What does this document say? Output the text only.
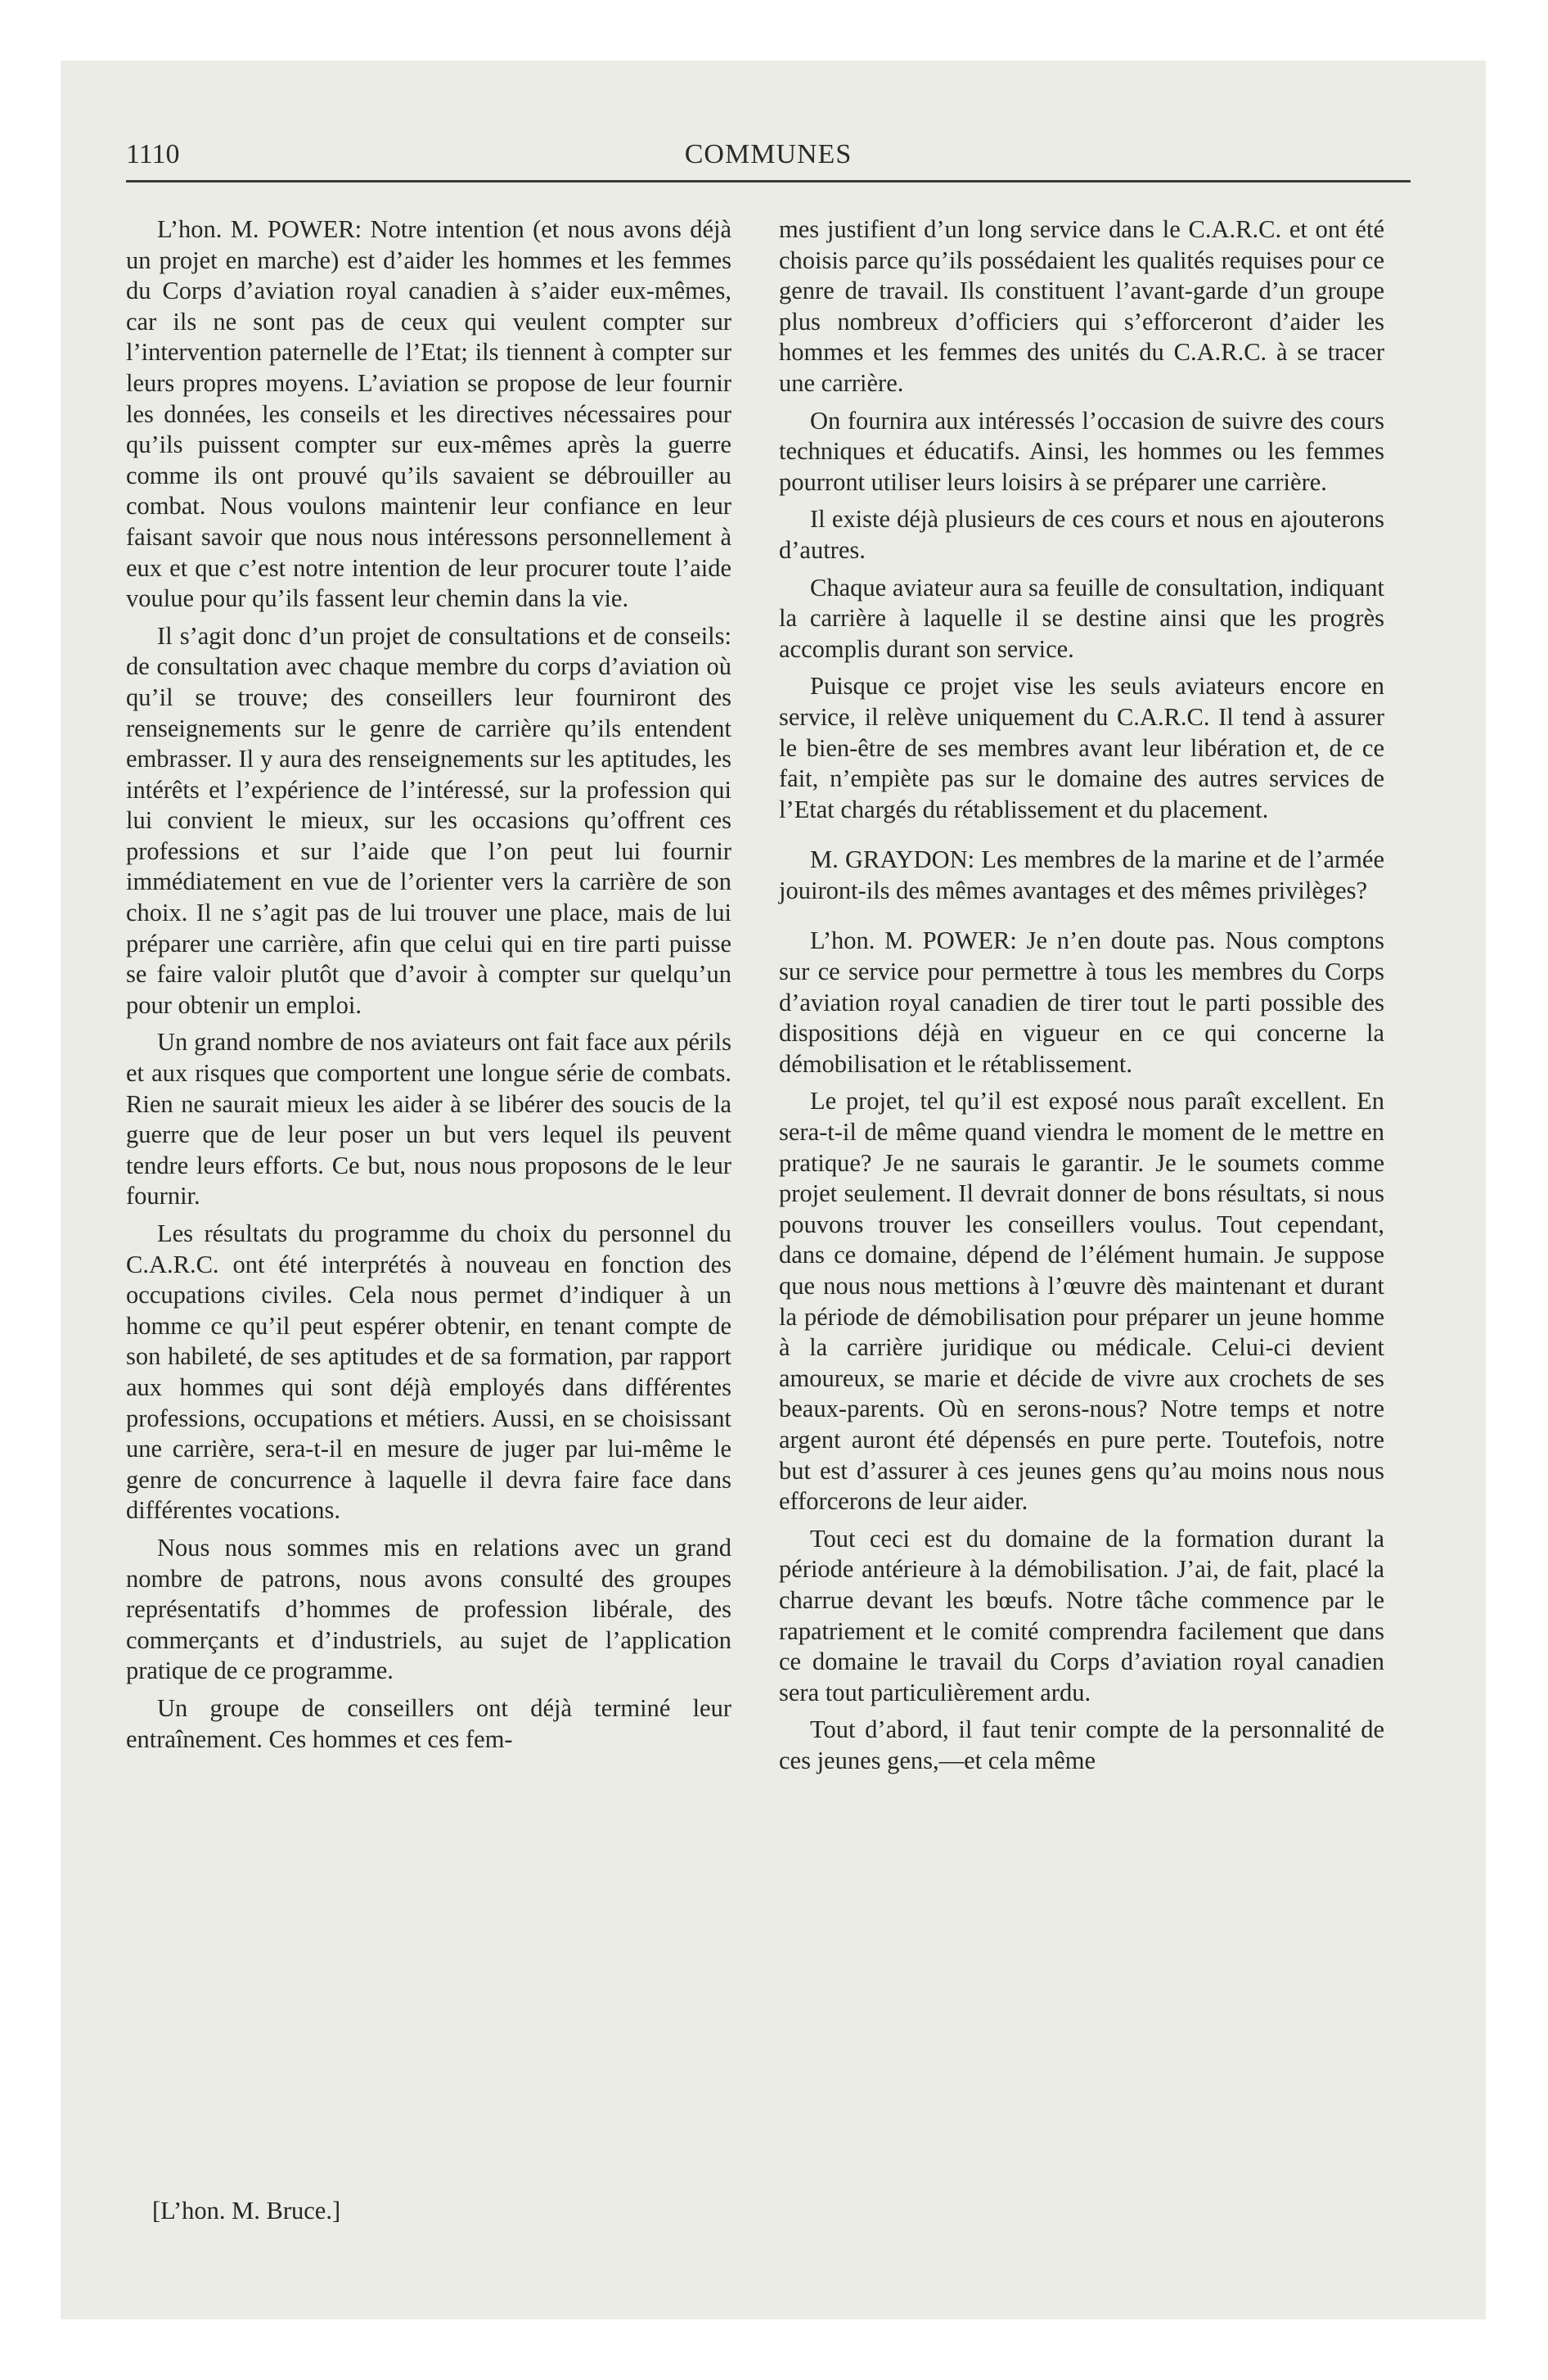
1110	COMMUNES

L’hon. M. POWER: Notre intention (et nous avons déjà un projet en marche) est d’aider les hommes et les femmes du Corps d’aviation royal canadien à s’aider eux-mêmes, car ils ne sont pas de ceux qui veulent compter sur l’intervention paternelle de l’Etat; ils tiennent à compter sur leurs propres moyens. L’aviation se propose de leur fournir les données, les conseils et les directives nécessaires pour qu’ils puissent compter sur eux-mêmes après la guerre comme ils ont prouvé qu’ils savaient se débrouiller au combat. Nous voulons maintenir leur confiance en leur faisant savoir que nous nous intéressons personnellement à eux et que c’est notre intention de leur procurer toute l’aide voulue pour qu’ils fassent leur chemin dans la vie.

Il s’agit donc d’un projet de consultations et de conseils: de consultation avec chaque membre du corps d’aviation où qu’il se trouve; des conseillers leur fourniront des renseignements sur le genre de carrière qu’ils entendent embrasser. Il y aura des renseignements sur les aptitudes, les intérêts et l’expérience de l’intéressé, sur la profession qui lui convient le mieux, sur les occasions qu’offrent ces professions et sur l’aide que l’on peut lui fournir immédiatement en vue de l’orienter vers la carrière de son choix. Il ne s’agit pas de lui trouver une place, mais de lui préparer une carrière, afin que celui qui en tire parti puisse se faire valoir plutôt que d’avoir à compter sur quelqu’un pour obtenir un emploi.

Un grand nombre de nos aviateurs ont fait face aux périls et aux risques que comportent une longue série de combats. Rien ne saurait mieux les aider à se libérer des soucis de la guerre que de leur poser un but vers lequel ils peuvent tendre leurs efforts. Ce but, nous nous proposons de le leur fournir.

Les résultats du programme du choix du personnel du C.A.R.C. ont été interprétés à nouveau en fonction des occupations civiles. Cela nous permet d’indiquer à un homme ce qu’il peut espérer obtenir, en tenant compte de son habileté, de ses aptitudes et de sa formation, par rapport aux hommes qui sont déjà employés dans différentes professions, occupations et métiers. Aussi, en se choisissant une carrière, sera-t-il en mesure de juger par lui-même le genre de concurrence à laquelle il devra faire face dans différentes vocations.

Nous nous sommes mis en relations avec un grand nombre de patrons, nous avons consulté des groupes représentatifs d’hommes de profession libérale, des commerçants et d’industriels, au sujet de l’application pratique de ce programme.

Un groupe de conseillers ont déjà terminé leur entraînement. Ces hommes et ces fem-

mes justifient d’un long service dans le C.A.R.C. et ont été choisis parce qu’ils possédaient les qualités requises pour ce genre de travail. Ils constituent l’avant-garde d’un groupe plus nombreux d’officiers qui s’efforceront d’aider les hommes et les femmes des unités du C.A.R.C. à se tracer une carrière.

On fournira aux intéressés l’occasion de suivre des cours techniques et éducatifs. Ainsi, les hommes ou les femmes pourront utiliser leurs loisirs à se préparer une carrière.

Il existe déjà plusieurs de ces cours et nous en ajouterons d’autres.

Chaque aviateur aura sa feuille de consultation, indiquant la carrière à laquelle il se destine ainsi que les progrès accomplis durant son service.

Puisque ce projet vise les seuls aviateurs encore en service, il relève uniquement du C.A.R.C. Il tend à assurer le bien-être de ses membres avant leur libération et, de ce fait, n’empiète pas sur le domaine des autres services de l’Etat chargés du rétablissement et du placement.

M. GRAYDON: Les membres de la marine et de l’armée jouiront-ils des mêmes avantages et des mêmes privilèges?

L’hon. M. POWER: Je n’en doute pas. Nous comptons sur ce service pour permettre à tous les membres du Corps d’aviation royal canadien de tirer tout le parti possible des dispositions déjà en vigueur en ce qui concerne la démobilisation et le rétablissement.

Le projet, tel qu’il est exposé nous paraît excellent. En sera-t-il de même quand viendra le moment de le mettre en pratique? Je ne saurais le garantir. Je le soumets comme projet seulement. Il devrait donner de bons résultats, si nous pouvons trouver les conseillers voulus. Tout cependant, dans ce domaine, dépend de l’élément humain. Je suppose que nous nous mettions à l’œuvre dès maintenant et durant la période de démobilisation pour préparer un jeune homme à la carrière juridique ou médicale. Celui-ci devient amoureux, se marie et décide de vivre aux crochets de ses beaux-parents. Où en serons-nous? Notre temps et notre argent auront été dépensés en pure perte. Toutefois, notre but est d’assurer à ces jeunes gens qu’au moins nous nous efforcerons de leur aider.

Tout ceci est du domaine de la formation durant la période antérieure à la démobilisation. J’ai, de fait, placé la charrue devant les bœufs. Notre tâche commence par le rapatriement et le comité comprendra facilement que dans ce domaine le travail du Corps d’aviation royal canadien sera tout particulièrement ardu.

Tout d’abord, il faut tenir compte de la personnalité de ces jeunes gens,—et cela même

[L’hon. M. Bruce.]
